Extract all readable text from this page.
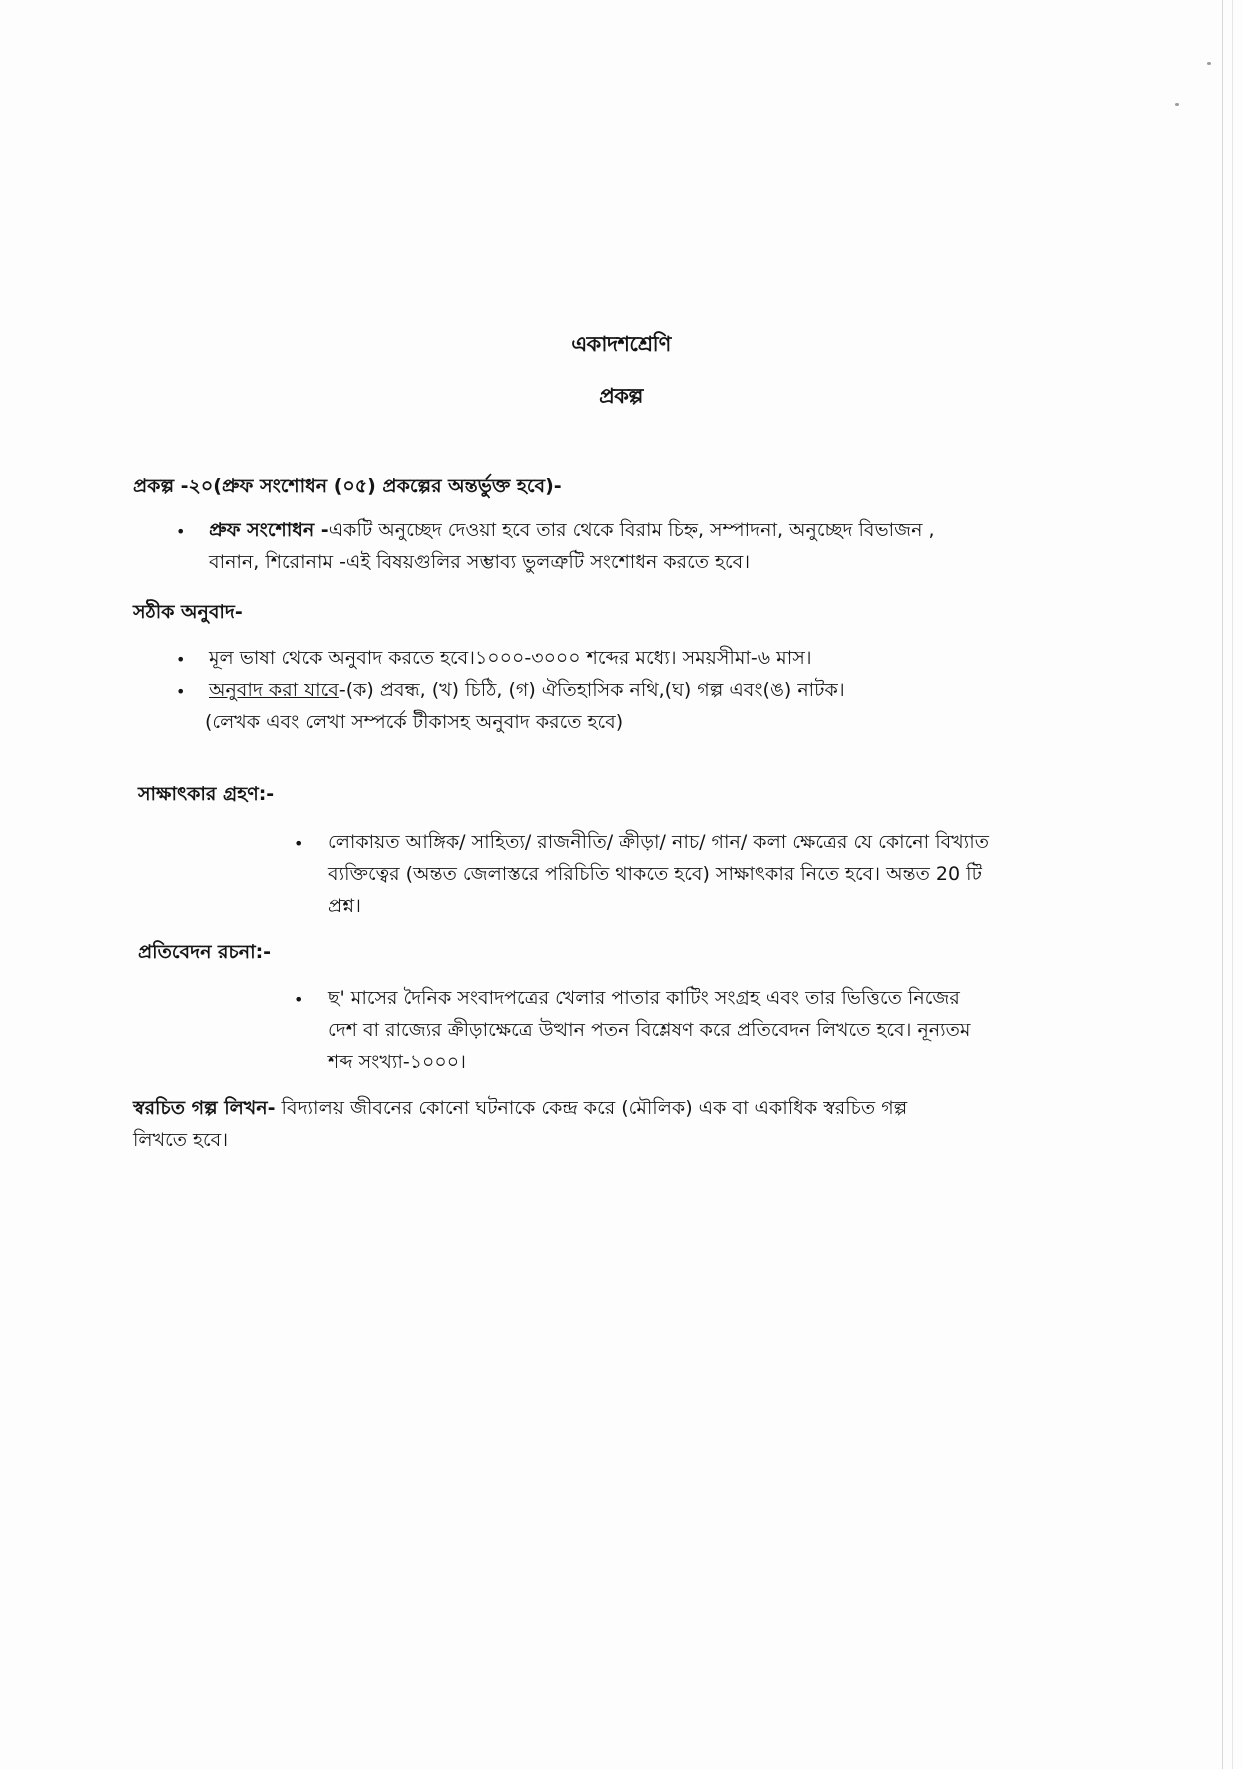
একাদশশ্রেণি
প্রকল্প
প্রকল্প -২০(প্রুফ সংশোধন (০৫) প্রকল্পের অন্তর্ভুক্ত হবে)-
• প্রুফ সংশোধন -একটি অনুচ্ছেদ দেওয়া হবে তার থেকে বিরাম চিহ্ন, সম্পাদনা, অনুচ্ছেদ বিভাজন ,
বানান, শিরোনাম -এই বিষয়গুলির সম্ভাব্য ভুলত্রুটি সংশোধন করতে হবে।
সঠীক অনুবাদ-
• মূল ভাষা থেকে অনুবাদ করতে হবে।১০০০-৩০০০ শব্দের মধ্যে। সময়সীমা-৬ মাস।
• অনুবাদ করা যাবে-(ক) প্রবন্ধ, (খ) চিঠি, (গ) ঐতিহাসিক নথি,(ঘ) গল্প এবং(ঙ) নাটক।
(লেখক এবং লেখা সম্পর্কে টীকাসহ অনুবাদ করতে হবে)
সাক্ষাৎকার গ্রহণ:-
• লোকায়ত আঙ্গিক/ সাহিত্য/ রাজনীতি/ ক্রীড়া/ নাচ/ গান/ কলা ক্ষেত্রের যে কোনো বিখ্যাত
ব্যক্তিত্বের (অন্তত জেলাস্তরে পরিচিতি থাকতে হবে) সাক্ষাৎকার নিতে হবে। অন্তত 20 টি
প্রশ্ন।
প্রতিবেদন রচনা:-
• ছ' মাসের দৈনিক সংবাদপত্রের খেলার পাতার কাটিং সংগ্রহ এবং তার ভিত্তিতে নিজের
দেশ বা রাজ্যের ক্রীড়াক্ষেত্রে উত্থান পতন বিশ্লেষণ করে প্রতিবেদন লিখতে হবে। নূন্যতম
শব্দ সংখ্যা-১০০০।
স্বরচিত গল্প লিখন- বিদ্যালয় জীবনের কোনো ঘটনাকে কেন্দ্র করে (মৌলিক) এক বা একাধিক স্বরচিত গল্প
লিখতে হবে।
